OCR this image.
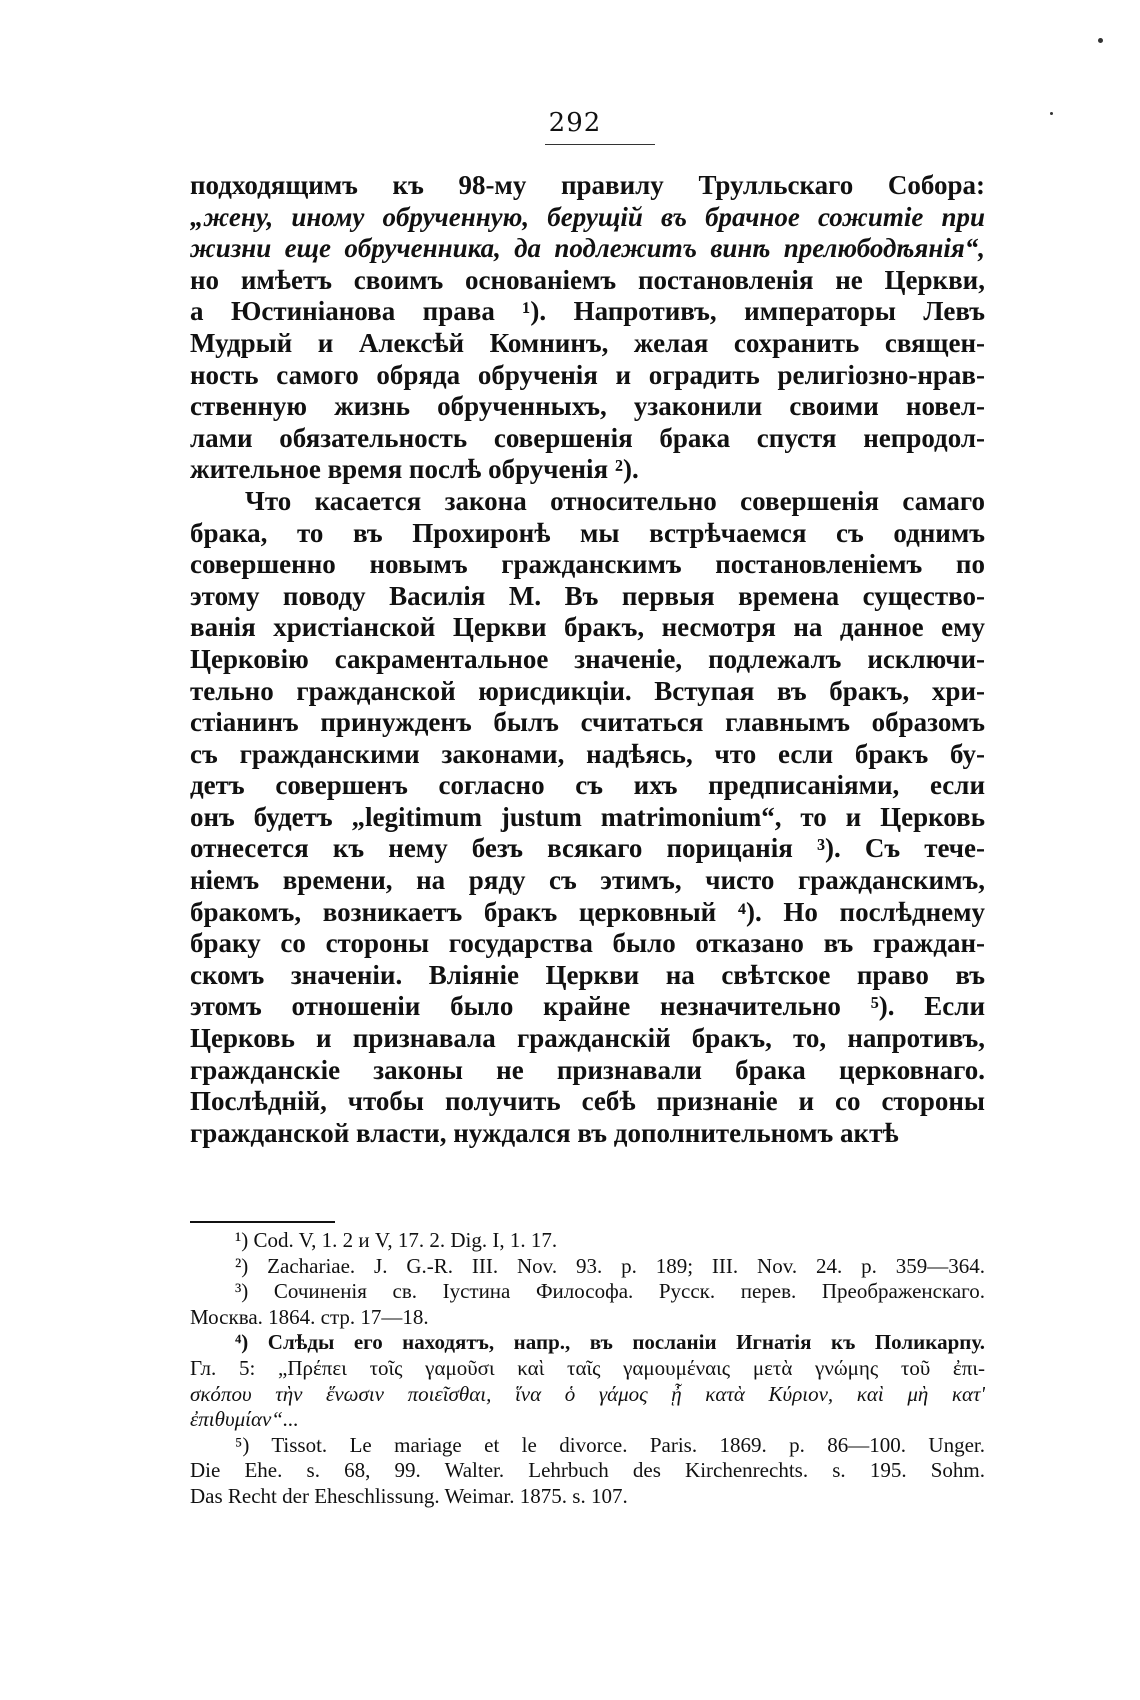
292
подходящимъ къ 98-му правилу Трулльскаго Собора:
„жену, иному обрученную, берущій въ брачное сожитіе при
жизни еще обрученника, да подлежитъ винѣ прелюбодѣянія“,
но имѣетъ своимъ основаніемъ постановленія не Церкви,
а Юстиніанова права ¹). Напротивъ, императоры Левъ
Мудрый и Алексѣй Комнинъ, желая сохранить священ-
ность самого обряда обрученія и оградить религіозно-нрав-
ственную жизнь обрученныхъ, узаконили своими новел-
лами обязательность совершенія брака спустя непродол-
жительное время послѣ обрученія ²).
Что касается закона относительно совершенія самаго
брака, то въ Прохиронѣ мы встрѣчаемся съ однимъ
совершенно новымъ гражданскимъ постановленіемъ по
этому поводу Василія М. Въ первыя времена существо-
ванія христіанской Церкви бракъ, несмотря на данное ему
Церковію сакраментальное значеніе, подлежалъ исключи-
тельно гражданской юрисдикціи. Вступая въ бракъ, хри-
стіанинъ принужденъ былъ считаться главнымъ образомъ
съ гражданскими законами, надѣясь, что если бракъ бу-
детъ совершенъ согласно съ ихъ предписаніями, если
онъ будетъ „legitimum justum matrimonium“, то и Церковь
отнесется къ нему безъ всякаго порицанія ³). Съ тече-
ніемъ времени, на ряду съ этимъ, чисто гражданскимъ,
бракомъ, возникаетъ бракъ церковный ⁴). Но послѣднему
браку со стороны государства было отказано въ граждан-
скомъ значеніи. Вліяніе Церкви на свѣтское право въ
этомъ отношеніи было крайне незначительно ⁵). Если
Церковь и признавала гражданскій бракъ, то, напротивъ,
гражданскіе законы не признавали брака церковнаго.
Послѣдній, чтобы получить себѣ признаніе и со стороны
гражданской власти, нуждался въ дополнительномъ актѣ
¹) Cod. V, 1. 2 и V, 17. 2. Dig. I, 1. 17.
²) Zachariae. J. G.-R. III. Nov. 93. p. 189; III. Nov. 24. p. 359—364.
³) Сочиненія св. Іустина Философа. Русск. перев. Преображенскаго.
Москва. 1864. стр. 17—18.
⁴) Слѣды его находятъ, напр., въ посланіи Игнатія къ Поликарпу.
Гл. 5: „Πρέπει τοῖς γαμοῦσι καὶ ταῖς γαμουμέναις μετὰ γνώμης τοῦ ἐπι-
σκόπου τὴν ἕνωσιν ποιεῖσθαι, ἵνα ὁ γάμος ᾖ κατὰ Κύριον, καὶ μὴ κατ'
ἐπιθυμίαν“...
⁵) Tissot. Le mariage et le divorce. Paris. 1869. p. 86—100. Unger.
Die Ehe. s. 68, 99. Walter. Lehrbuch des Kirchenrechts. s. 195. Sohm.
Das Recht der Eheschlissung. Weimar. 1875. s. 107.
